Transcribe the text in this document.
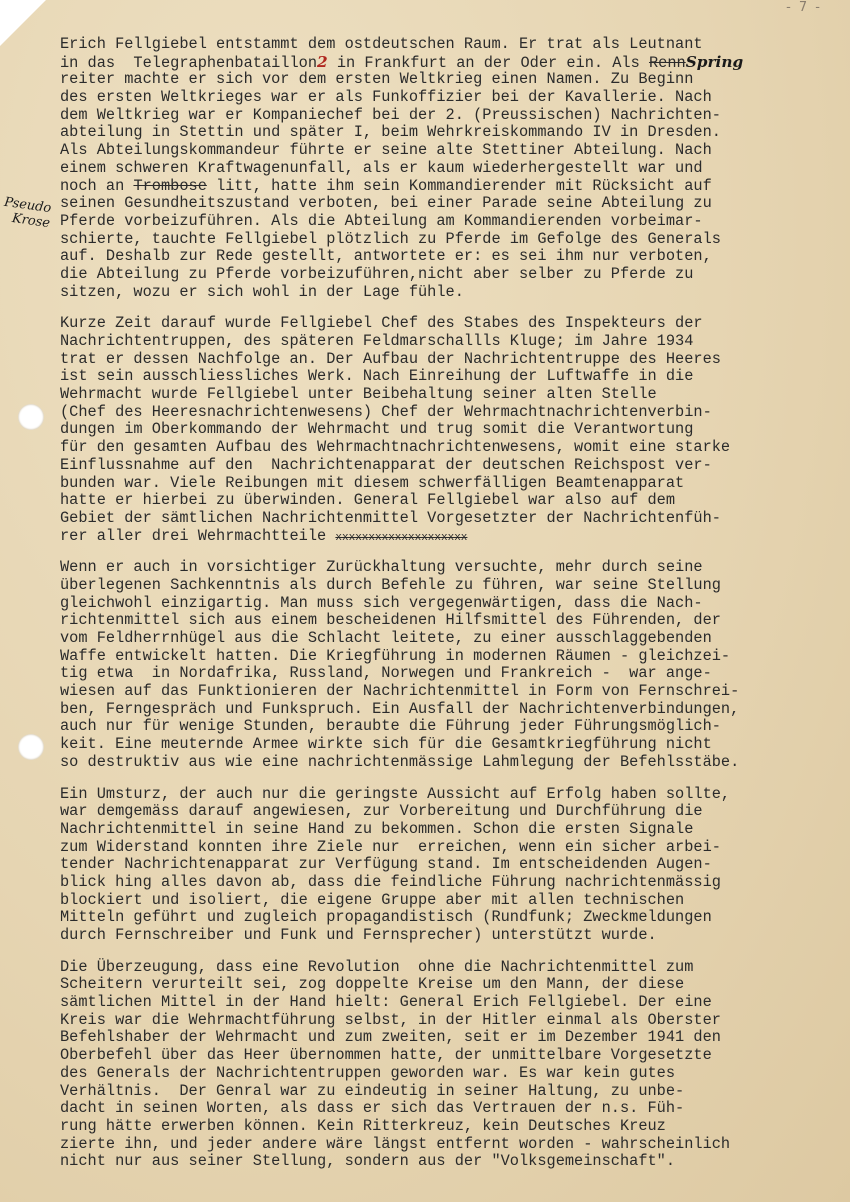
- 7 -
Pseudo
Krose
Erich Fellgiebel entstammt dem ostdeutschen Raum. Er trat als Leutnant
in das  Telegraphenbataillon2 in Frankfurt an der Oder ein. Als RennSpring
reiter machte er sich vor dem ersten Weltkrieg einen Namen. Zu Beginn
des ersten Weltkrieges war er als Funkoffizier bei der Kavallerie. Nach
dem Weltkrieg war er Kompaniechef bei der 2. (Preussischen) Nachrichten-
abteilung in Stettin und später I, beim Wehrkreiskommando IV in Dresden.
Als Abteilungskommandeur führte er seine alte Stettiner Abteilung. Nach
einem schweren Kraftwagenunfall, als er kaum wiederhergestellt war und
noch an Trombose litt, hatte ihm sein Kommandierender mit Rücksicht auf
seinen Gesundheitszustand verboten, bei einer Parade seine Abteilung zu
Pferde vorbeizuführen. Als die Abteilung am Kommandierenden vorbeimar-
schierte, tauchte Fellgiebel plötzlich zu Pferde im Gefolge des Generals
auf. Deshalb zur Rede gestellt, antwortete er: es sei ihm nur verboten,
die Abteilung zu Pferde vorbeizuführen,nicht aber selber zu Pferde zu
sitzen, wozu er sich wohl in der Lage fühle.
Kurze Zeit darauf wurde Fellgiebel Chef des Stabes des Inspekteurs der
Nachrichtentruppen, des späteren Feldmarschallls Kluge; im Jahre 1934
trat er dessen Nachfolge an. Der Aufbau der Nachrichtentruppe des Heeres
ist sein ausschliessliches Werk. Nach Einreihung der Luftwaffe in die
Wehrmacht wurde Fellgiebel unter Beibehaltung seiner alten Stelle
(Chef des Heeresnachrichtenwesens) Chef der Wehrmachtnachrichtenverbin-
dungen im Oberkommando der Wehrmacht und trug somit die Verantwortung
für den gesamten Aufbau des Wehrmachtnachrichtenwesens, womit eine starke
Einflussnahme auf den  Nachrichtenapparat der deutschen Reichspost ver-
bunden war. Viele Reibungen mit diesem schwerfälligen Beamtenapparat
hatte er hierbei zu überwinden. General Fellgiebel war also auf dem
Gebiet der sämtlichen Nachrichtenmittel Vorgesetzter der Nachrichtenfüh-
rer aller drei Wehrmachtteile xxxxxxxxxxxxxxxxxxxx
Wenn er auch in vorsichtiger Zurückhaltung versuchte, mehr durch seine
überlegenen Sachkenntnis als durch Befehle zu führen, war seine Stellung
gleichwohl einzigartig. Man muss sich vergegenwärtigen, dass die Nach-
richtenmittel sich aus einem bescheidenen Hilfsmittel des Führenden, der
vom Feldherrnhügel aus die Schlacht leitete, zu einer ausschlaggebenden
Waffe entwickelt hatten. Die Kriegführung in modernen Räumen - gleichzei-
tig etwa  in Nordafrika, Russland, Norwegen und Frankreich -  war ange-
wiesen auf das Funktionieren der Nachrichtenmittel in Form von Fernschrei-
ben, Ferngespräch und Funkspruch. Ein Ausfall der Nachrichtenverbindungen,
auch nur für wenige Stunden, beraubte die Führung jeder Führungsmöglich-
keit. Eine meuternde Armee wirkte sich für die Gesamtkriegführung nicht
so destruktiv aus wie eine nachrichtenmässige Lahmlegung der Befehlsstäbe.
Ein Umsturz, der auch nur die geringste Aussicht auf Erfolg haben sollte,
war demgemäss darauf angewiesen, zur Vorbereitung und Durchführung die
Nachrichtenmittel in seine Hand zu bekommen. Schon die ersten Signale
zum Widerstand konnten ihre Ziele nur  erreichen, wenn ein sicher arbei-
tender Nachrichtenapparat zur Verfügung stand. Im entscheidenden Augen-
blick hing alles davon ab, dass die feindliche Führung nachrichtenmässig
blockiert und isoliert, die eigene Gruppe aber mit allen technischen
Mitteln geführt und zugleich propagandistisch (Rundfunk; Zweckmeldungen
durch Fernschreiber und Funk und Fernsprecher) unterstützt wurde.
Die Überzeugung, dass eine Revolution  ohne die Nachrichtenmittel zum
Scheitern verurteilt sei, zog doppelte Kreise um den Mann, der diese
sämtlichen Mittel in der Hand hielt: General Erich Fellgiebel. Der eine
Kreis war die Wehrmachtführung selbst, in der Hitler einmal als Oberster
Befehlshaber der Wehrmacht und zum zweiten, seit er im Dezember 1941 den
Oberbefehl über das Heer übernommen hatte, der unmittelbare Vorgesetzte
des Generals der Nachrichtentruppen geworden war. Es war kein gutes
Verhältnis.  Der Genral war zu eindeutig in seiner Haltung, zu unbe-
dacht in seinen Worten, als dass er sich das Vertrauen der n.s. Füh-
rung hätte erwerben können. Kein Ritterkreuz, kein Deutsches Kreuz
zierte ihn, und jeder andere wäre längst entfernt worden - wahrscheinlich
nicht nur aus seiner Stellung, sondern aus der "Volksgemeinschaft".
